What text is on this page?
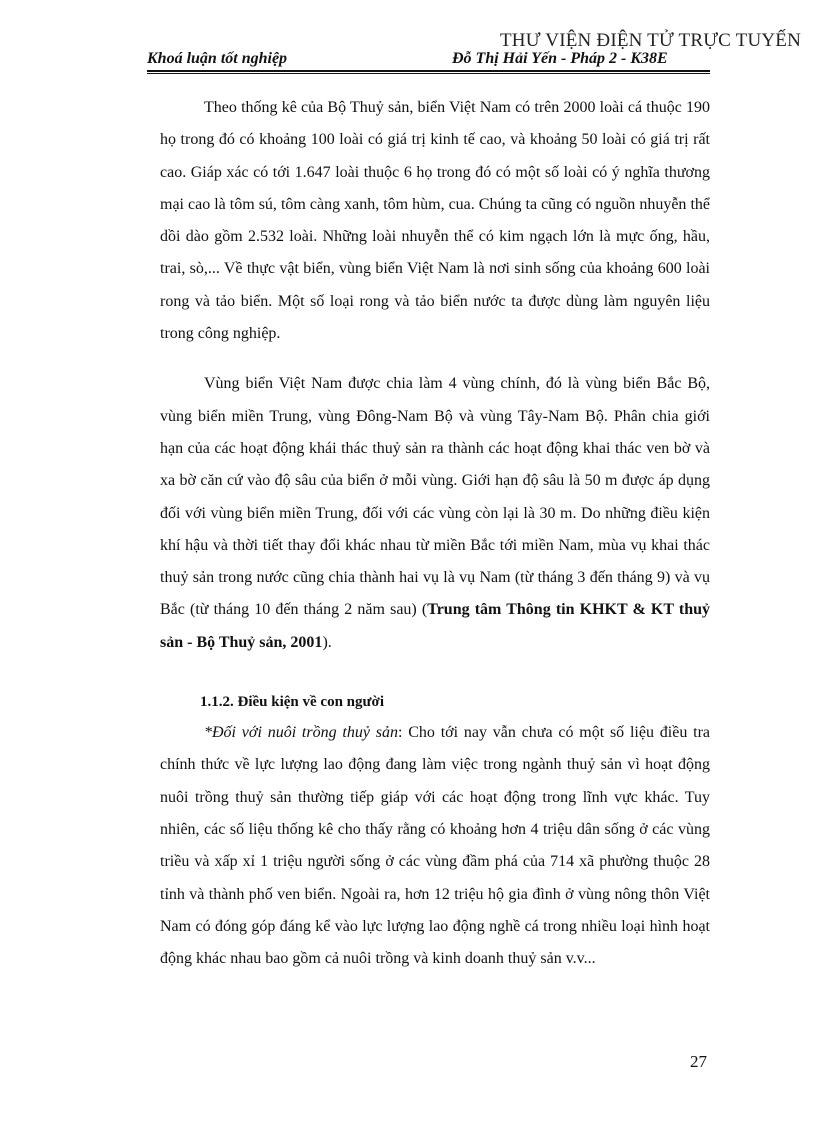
THƯ VIỆN ĐIỆN TỬ TRỰC TUYẾN
Khoá luận tốt nghiệp	Đỗ Thị Hải Yến - Pháp 2 - K38E

Theo thống kê của Bộ Thuỷ sản, biển Việt Nam có trên 2000 loài cá thuộc 190 họ trong đó có khoảng 100 loài có giá trị kinh tế cao, và khoảng 50 loài có giá trị rất cao. Giáp xác có tới 1.647 loài thuộc 6 họ trong đó có một số loài có ý nghĩa thương mại cao là tôm sú, tôm càng xanh, tôm hùm, cua. Chúng ta cũng có nguồn nhuyễn thể dồi dào gồm 2.532 loài. Những loài nhuyễn thể có kim ngạch lớn là mực ống, hầu, trai, sò,... Về thực vật biển, vùng biển Việt Nam là nơi sinh sống của khoảng 600 loài rong và tảo biển. Một số loại rong và tảo biển nước ta được dùng làm nguyên liệu trong công nghiệp.

Vùng biển Việt Nam được chia làm 4 vùng chính, đó là vùng biển Bắc Bộ, vùng biển miền Trung, vùng Đông-Nam Bộ và vùng Tây-Nam Bộ. Phân chia giới hạn của các hoạt động khái thác thuỷ sản ra thành các hoạt động khai thác ven bờ và xa bờ căn cứ vào độ sâu của biển ở mỗi vùng. Giới hạn độ sâu là 50 m được áp dụng đối với vùng biển miền Trung, đối với các vùng còn lại là 30 m. Do những điều kiện khí hậu và thời tiết thay đổi khác nhau từ miền Bắc tới miền Nam, mùa vụ khai thác thuỷ sản trong nước cũng chia thành hai vụ là vụ Nam (từ tháng 3 đến tháng 9) và vụ Bắc (từ tháng 10 đến tháng 2 năm sau) (Trung tâm Thông tin KHKT & KT thuỷ sản - Bộ Thuỷ sản, 2001).

1.1.2. Điều kiện về con người

*Đối với nuôi trồng thuỷ sản: Cho tới nay vẫn chưa có một số liệu điều tra chính thức về lực lượng lao động đang làm việc trong ngành thuỷ sản vì hoạt động nuôi trồng thuỷ sản thường tiếp giáp với các hoạt động trong lĩnh vực khác. Tuy nhiên, các số liệu thống kê cho thấy rằng có khoảng hơn 4 triệu dân sống ở các vùng triều và xấp xỉ 1 triệu người sống ở các vùng đầm phá của 714 xã phường thuộc 28 tỉnh và thành phố ven biển. Ngoài ra, hơn 12 triệu hộ gia đình ở vùng nông thôn Việt Nam có đóng góp đáng kể vào lực lượng lao động nghề cá trong nhiều loại hình hoạt động khác nhau bao gồm cả nuôi trồng và kinh doanh thuỷ sản v.v...

27
